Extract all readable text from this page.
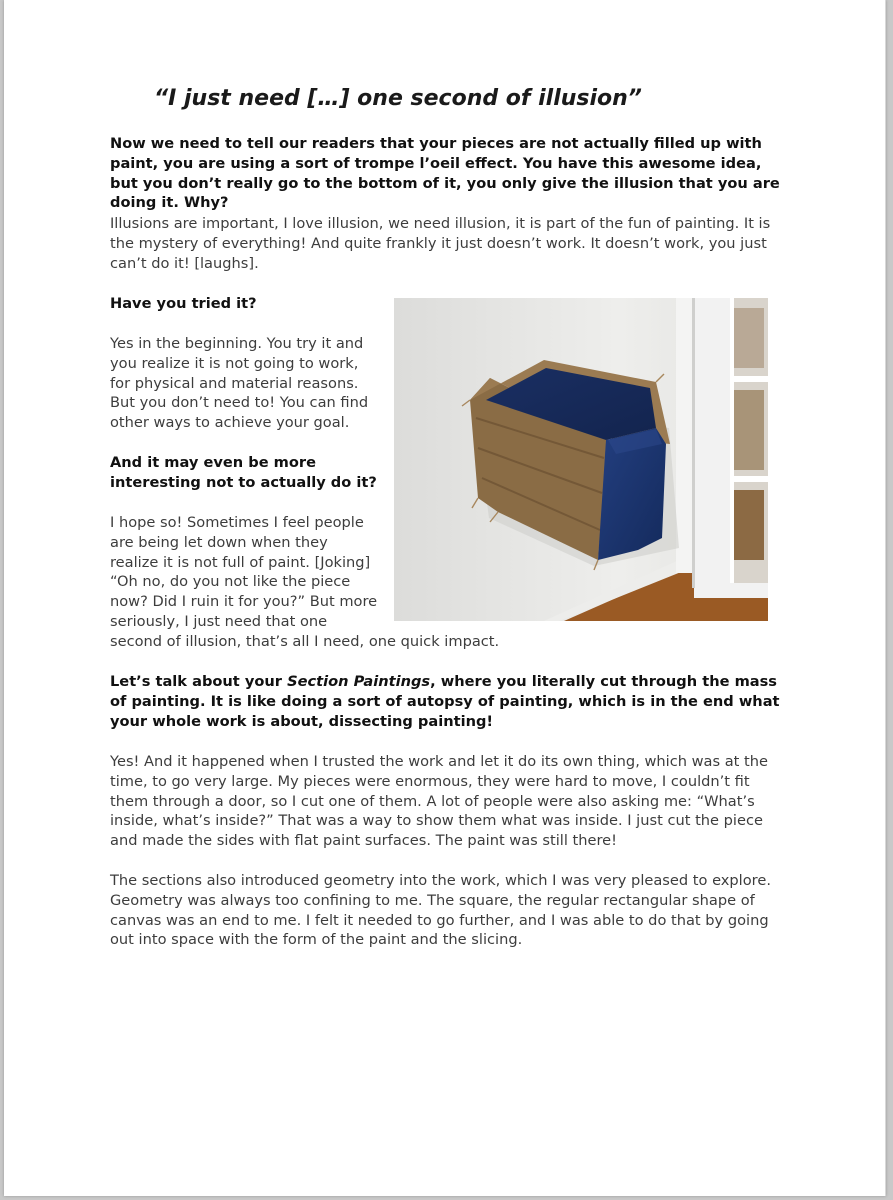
“I just need […] one second of illusion”

Now we need to tell our readers that your pieces are not actually filled up with paint, you are using a sort of trompe l’oeil effect. You have this awesome idea, but you don’t really go to the bottom of it, you only give the illusion that you are doing it. Why?

Illusions are important, I love illusion, we need illusion, it is part of the fun of painting. It is the mystery of everything! And quite frankly it just doesn’t work. It doesn’t work, you just can’t do it! [laughs].

Have you tried it?

Yes in the beginning. You try it and you realize it is not going to work, for physical and material reasons. But you don’t need to! You can find other ways to achieve your goal.

And it may even be more interesting not to actually do it?

I hope so! Sometimes I feel people are being let down when they realize it is not full of paint. [Joking] “Oh no, do you not like the piece now? Did I ruin it for you?” But more seriously, I just need that one

second of illusion, that’s all I need, one quick impact.

Let’s talk about your Section Paintings, where you literally cut through the mass of painting. It is like doing a sort of autopsy of painting, which is in the end what your whole work is about, dissecting painting!

Yes! And it happened when I trusted the work and let it do its own thing, which was at the time, to go very large. My pieces were enormous, they were hard to move, I couldn’t fit them through a door, so I cut one of them. A lot of people were also asking me: “What’s inside, what’s inside?” That was a way to show them what was inside. I just cut the piece and made the sides with flat paint surfaces. The paint was still there!

The sections also introduced geometry into the work, which I was very pleased to explore. Geometry was always too confining to me. The square, the regular rectangular shape of canvas was an end to me. I felt it needed to go further, and I was able to do that by going out into space with the form of the paint and the slicing.
